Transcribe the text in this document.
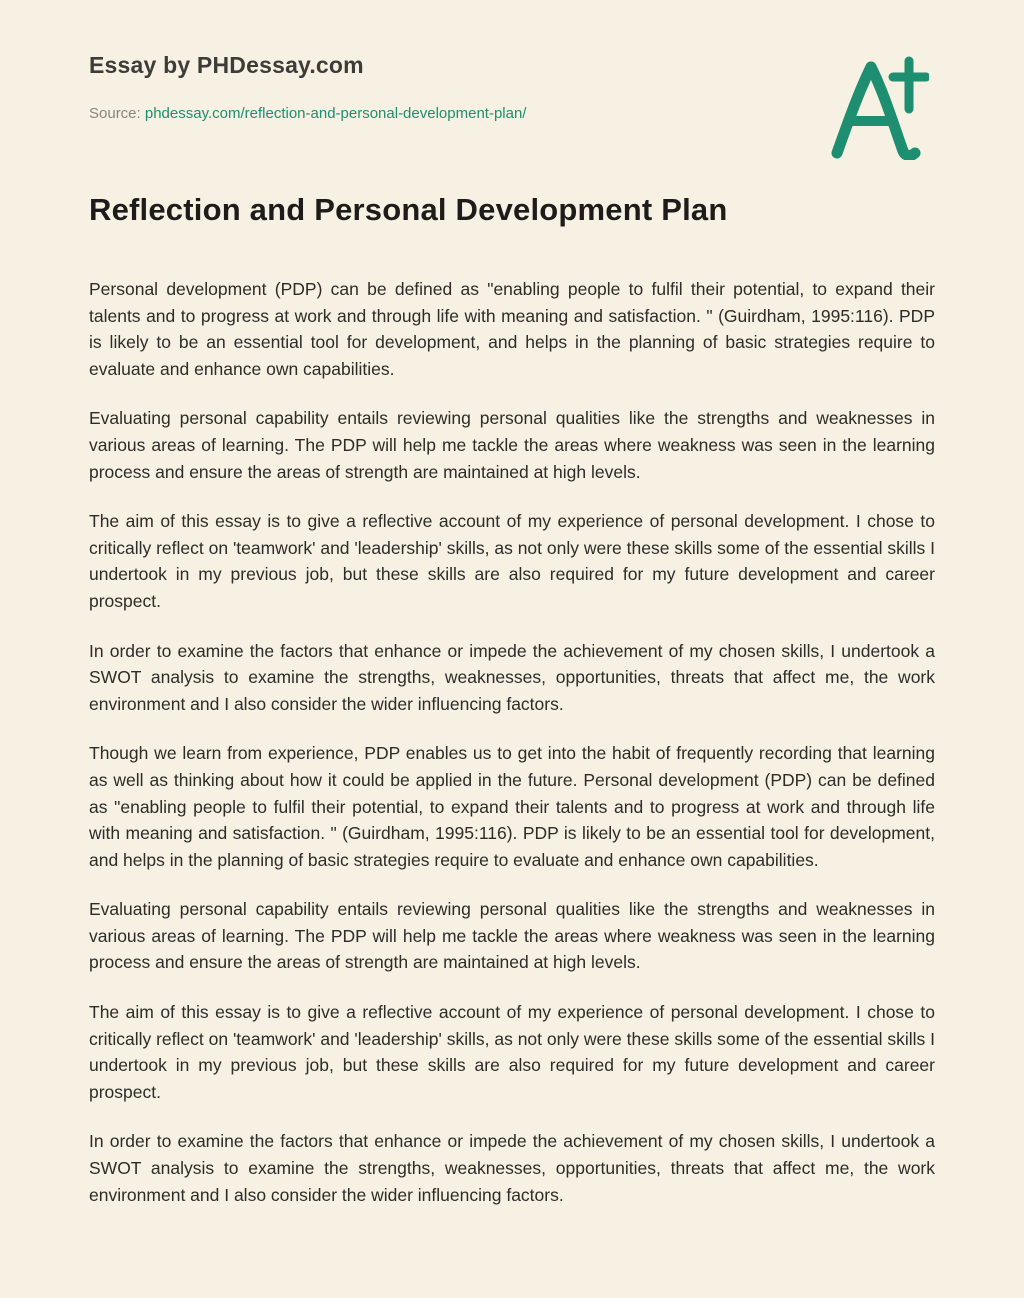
Essay by PHDessay.com
Source: phdessay.com/reflection-and-personal-development-plan/
Reflection and Personal Development Plan

Personal development (PDP) can be defined as "enabling people to fulfil their potential, to expand their talents and to progress at work and through life with meaning and satisfaction. " (Guirdham, 1995:116). PDP is likely to be an essential tool for development, and helps in the planning of basic strategies require to evaluate and enhance own capabilities.

Evaluating personal capability entails reviewing personal qualities like the strengths and weaknesses in various areas of learning. The PDP will help me tackle the areas where weakness was seen in the learning process and ensure the areas of strength are maintained at high levels.

The aim of this essay is to give a reflective account of my experience of personal development. I chose to critically reflect on 'teamwork' and 'leadership' skills, as not only were these skills some of the essential skills I undertook in my previous job, but these skills are also required for my future development and career prospect.

In order to examine the factors that enhance or impede the achievement of my chosen skills, I undertook a SWOT analysis to examine the strengths, weaknesses, opportunities, threats that affect me, the work environment and I also consider the wider influencing factors.

Though we learn from experience, PDP enables us to get into the habit of frequently recording that learning as well as thinking about how it could be applied in the future. Personal development (PDP) can be defined as "enabling people to fulfil their potential, to expand their talents and to progress at work and through life with meaning and satisfaction. " (Guirdham, 1995:116). PDP is likely to be an essential tool for development, and helps in the planning of basic strategies require to evaluate and enhance own capabilities.

Evaluating personal capability entails reviewing personal qualities like the strengths and weaknesses in various areas of learning. The PDP will help me tackle the areas where weakness was seen in the learning process and ensure the areas of strength are maintained at high levels.

The aim of this essay is to give a reflective account of my experience of personal development. I chose to critically reflect on 'teamwork' and 'leadership' skills, as not only were these skills some of the essential skills I undertook in my previous job, but these skills are also required for my future development and career prospect.

In order to examine the factors that enhance or impede the achievement of my chosen skills, I undertook a SWOT analysis to examine the strengths, weaknesses, opportunities, threats that affect me, the work environment and I also consider the wider influencing factors.
